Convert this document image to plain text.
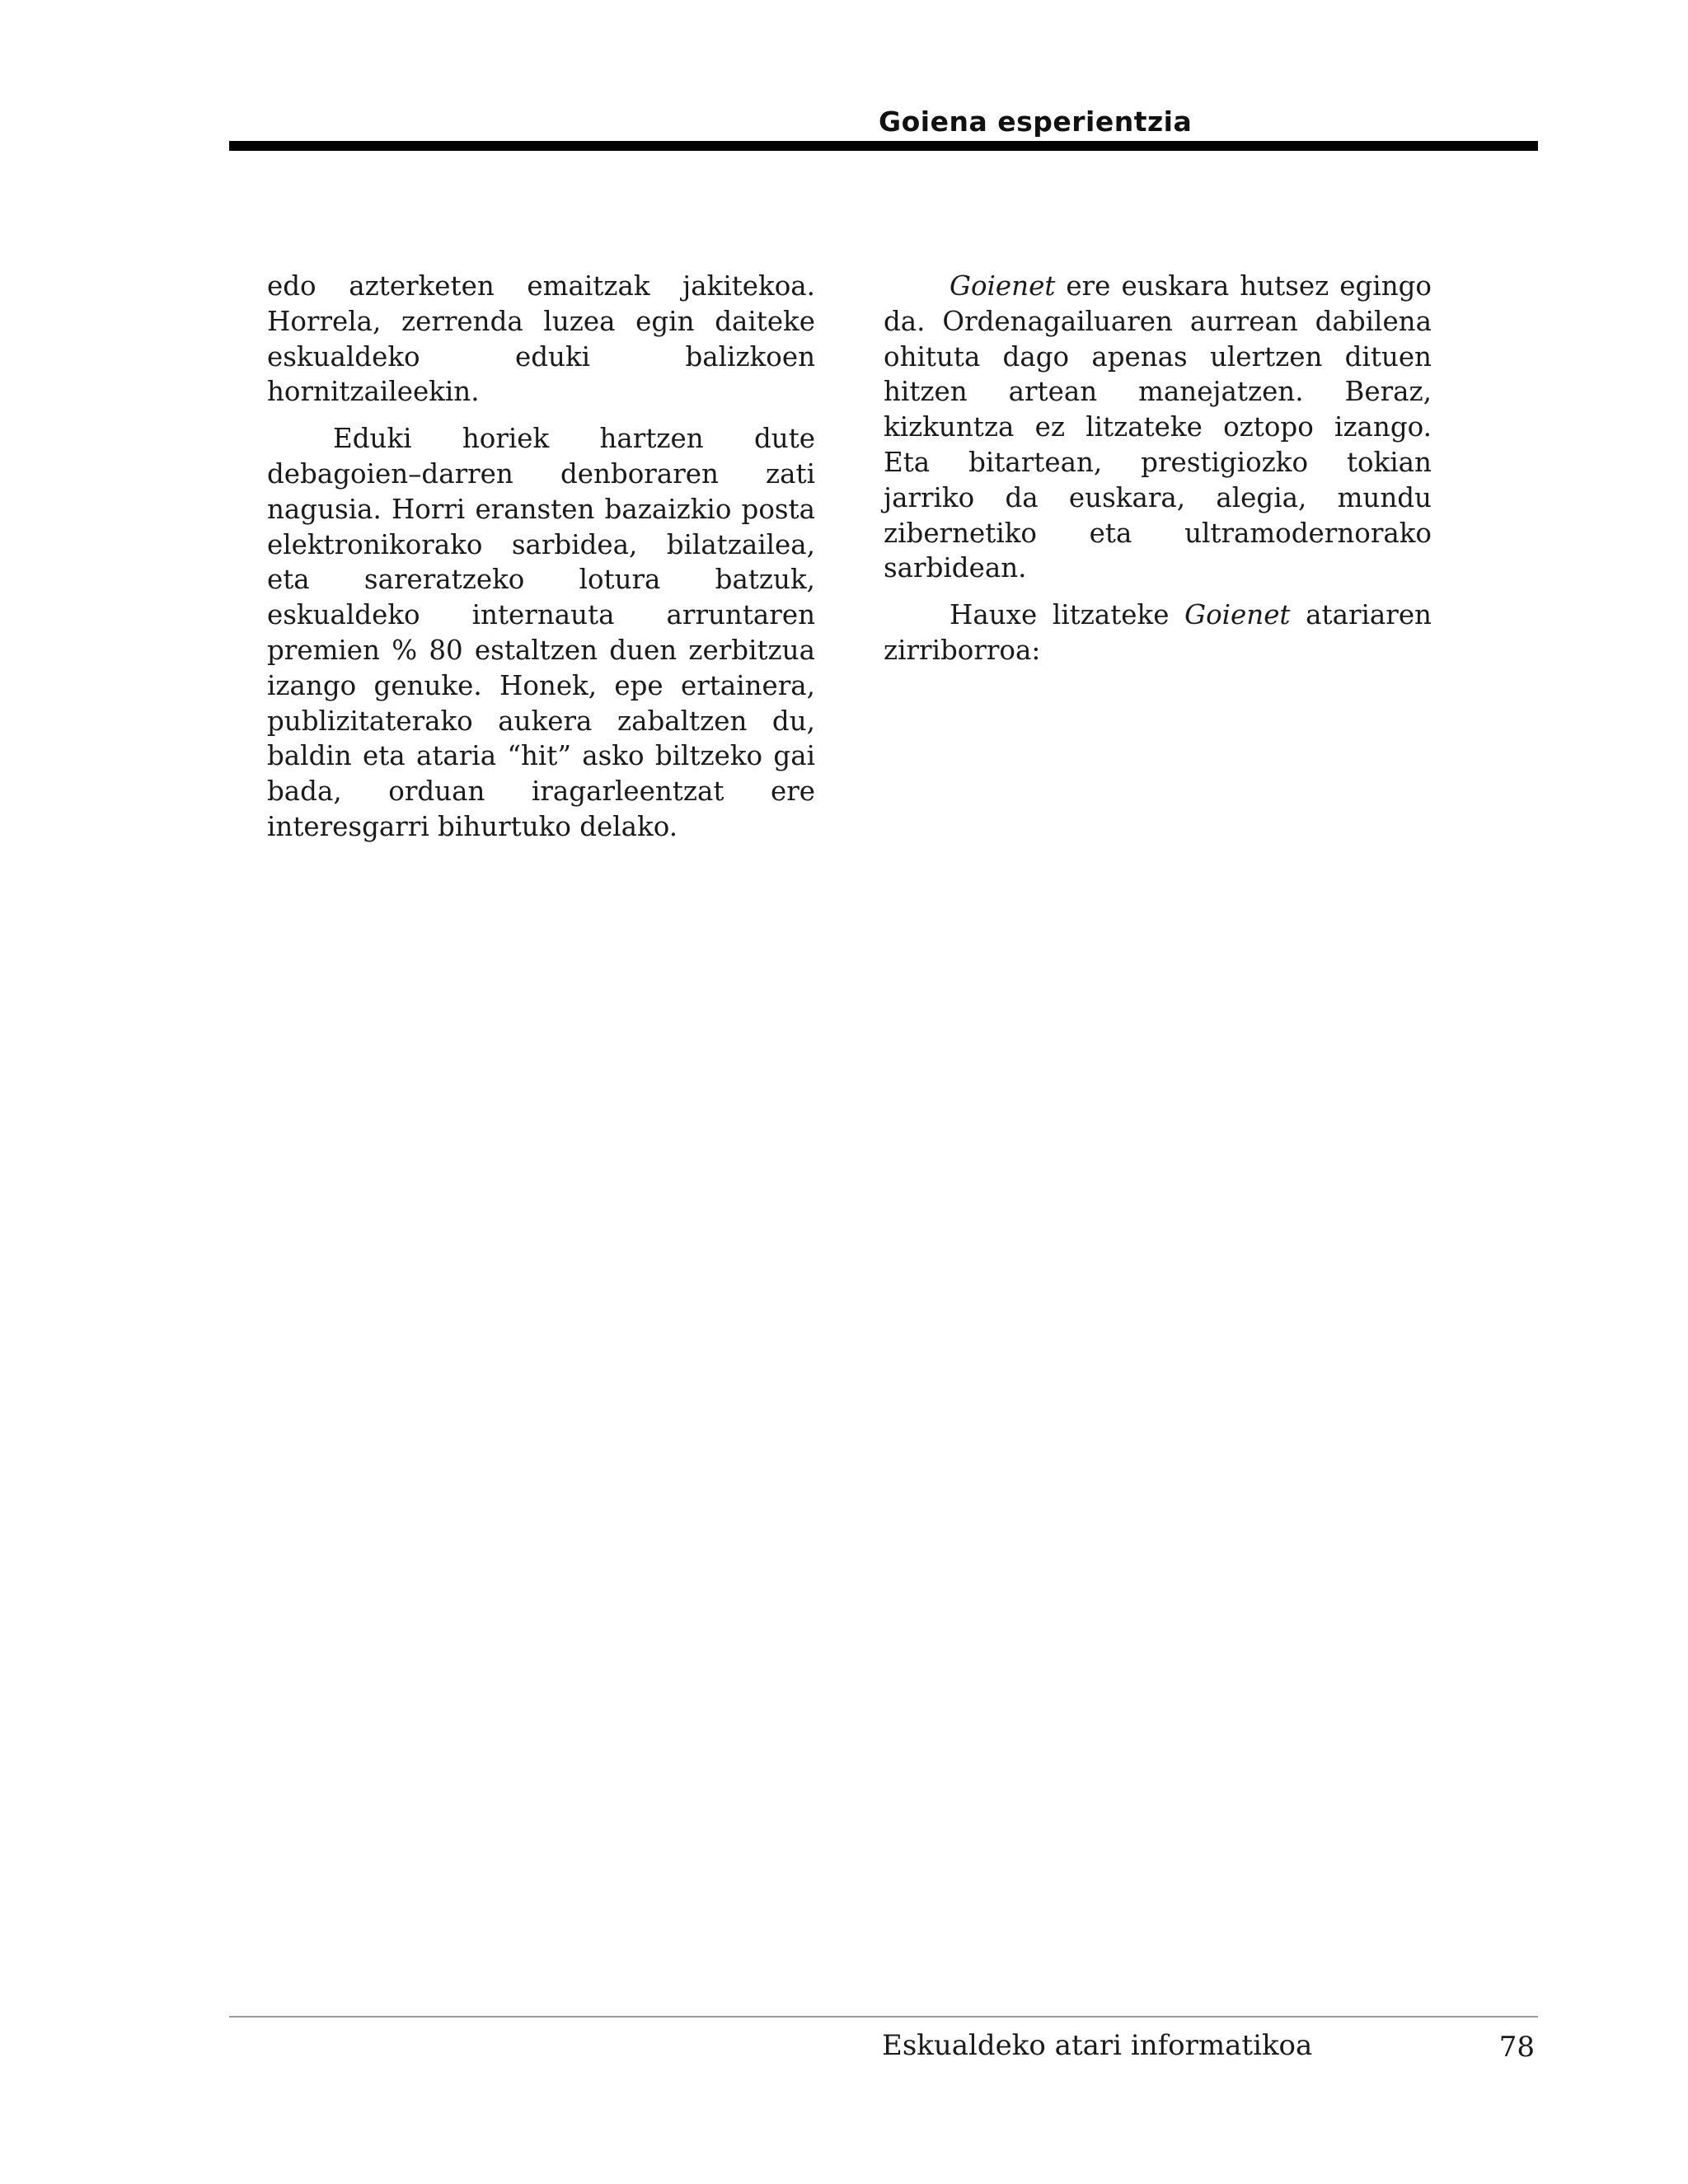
Goiena esperientzia

edo azterketen emaitzak jakitekoa. Horrela, zerrenda luzea egin daiteke eskualdeko eduki balizkoen hornitzaileekin.

Eduki horiek hartzen dute debagoien–darren denboraren zati nagusia. Horri eransten bazaizkio posta elektronikorako sarbidea, bilatzailea, eta sareratzeko lotura batzuk, eskualdeko internauta arruntaren premien % 80 estaltzen duen zerbitzua izango genuke. Honek, epe ertainera, publizitaterako aukera zabaltzen du, baldin eta ataria “hit” asko biltzeko gai bada, orduan iragarleentzat ere interesgarri bihurtuko delako.

Goienet ere euskara hutsez egingo da. Ordenagailuaren aurrean dabilena ohituta dago apenas ulertzen dituen hitzen artean manejatzen. Beraz, kizkuntza ez litzateke oztopo izango. Eta bitartean, prestigiozko tokian jarriko da euskara, alegia, mundu zibernetiko eta ultramodernorako sarbidean.

Hauxe litzateke Goienet atariaren zirriborroa:

Eskualdeko atari informatikoa	78
